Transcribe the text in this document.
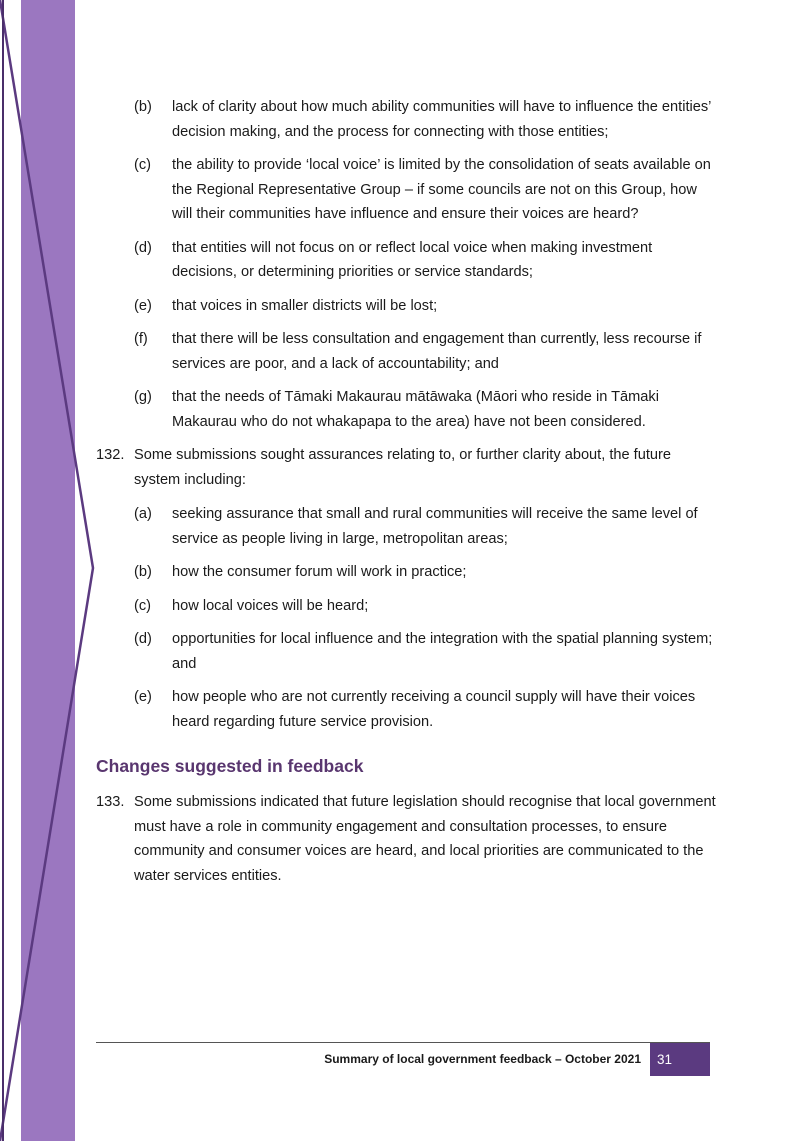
(b) lack of clarity about how much ability communities will have to influence the entities’ decision making, and the process for connecting with those entities;
(c) the ability to provide ‘local voice’ is limited by the consolidation of seats available on the Regional Representative Group – if some councils are not on this Group, how will their communities have influence and ensure their voices are heard?
(d) that entities will not focus on or reflect local voice when making investment decisions, or determining priorities or service standards;
(e) that voices in smaller districts will be lost;
(f) that there will be less consultation and engagement than currently, less recourse if services are poor, and a lack of accountability; and
(g) that the needs of Tāmaki Makaurau mātāwaka (Māori who reside in Tāmaki Makaurau who do not whakapapa to the area) have not been considered.
132. Some submissions sought assurances relating to, or further clarity about, the future system including:
(a) seeking assurance that small and rural communities will receive the same level of service as people living in large, metropolitan areas;
(b) how the consumer forum will work in practice;
(c) how local voices will be heard;
(d) opportunities for local influence and the integration with the spatial planning system; and
(e) how people who are not currently receiving a council supply will have their voices heard regarding future service provision.
Changes suggested in feedback
133. Some submissions indicated that future legislation should recognise that local government must have a role in community engagement and consultation processes, to ensure community and consumer voices are heard, and local priorities are communicated to the water services entities.
Summary of local government feedback – October 2021 31
